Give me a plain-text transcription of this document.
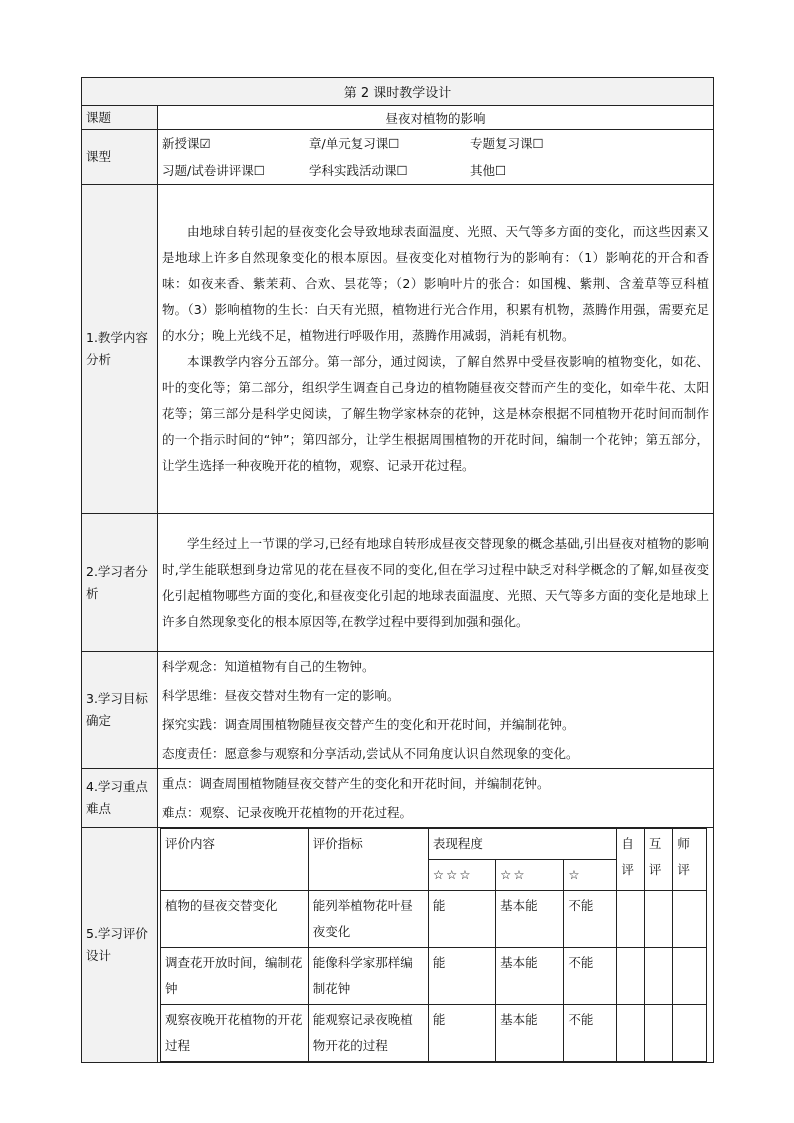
第 2 课时教学设计
课题	昼夜对植物的影响
课型	
新授课☑	章/单元复习课☐	专题复习课☐
习题/试卷讲评课☐	学科实践活动课☐	其他☐

1.教学内容分析	

由地球自转引起的昼夜变化会导致地球表面温度、光照、天气等多方面的变化，而这些因素又是地球上许多自然现象变化的根本原因。昼夜变化对植物行为的影响有：（1）影响花的开合和香味：如夜来香、紫茉莉、合欢、昙花等；（2）影响叶片的张合：如国槐、紫荆、含羞草等豆科植物。（3）影响植物的生长：白天有光照，植物进行光合作用，积累有机物，蒸腾作用强，需要充足的水分；晚上光线不足，植物进行呼吸作用，蒸腾作用减弱，消耗有机物。

本课教学内容分五部分。第一部分，通过阅读，了解自然界中受昼夜影响的植物变化，如花、叶的变化等；第二部分，组织学生调查自己身边的植物随昼夜交替而产生的变化，如牵牛花、太阳花等；第三部分是科学史阅读，了解生物学家林奈的花钟，这是林奈根据不同植物开花时间而制作的一个指示时间的“钟”；第四部分，让学生根据周围植物的开花时间，编制一个花钟；第五部分，让学生选择一种夜晚开花的植物，观察、记录开花过程。

2.学习者分析	

学生经过上一节课的学习,已经有地球自转形成昼夜交替现象的概念基础,引出昼夜对植物的影响时,学生能联想到身边常见的花在昼夜不同的变化,但在学习过程中缺乏对科学概念的了解,如昼夜变化引起植物哪些方面的变化,和昼夜变化引起的地球表面温度、光照、天气等多方面的变化是地球上许多自然现象变化的根本原因等,在教学过程中要得到加强和强化。

3.学习目标确定	
科学观念：知道植物有自己的生物钟。
科学思维：昼夜交替对生物有一定的影响。
探究实践：调查周围植物随昼夜交替产生的变化和开花时间，并编制花钟。
态度责任：愿意参与观察和分享活动,尝试从不同角度认识自然现象的变化。

4.学习重点难点	
重点：调查周围植物随昼夜交替产生的变化和开花时间，并编制花钟。
难点：观察、记录夜晚开花植物的开花过程。

5.学习评价设计	
评价内容	评价指标	表现程度	自评	互评	师评
☆☆☆	☆☆	☆
植物的昼夜交替变化	能列举植物花叶昼夜变化	能	基本能	不能			
调查花开放时间，编制花钟	能像科学家那样编制花钟	能	基本能	不能			
观察夜晚开花植物的开花过程	能观察记录夜晚植物开花的过程	能	基本能	不能			
